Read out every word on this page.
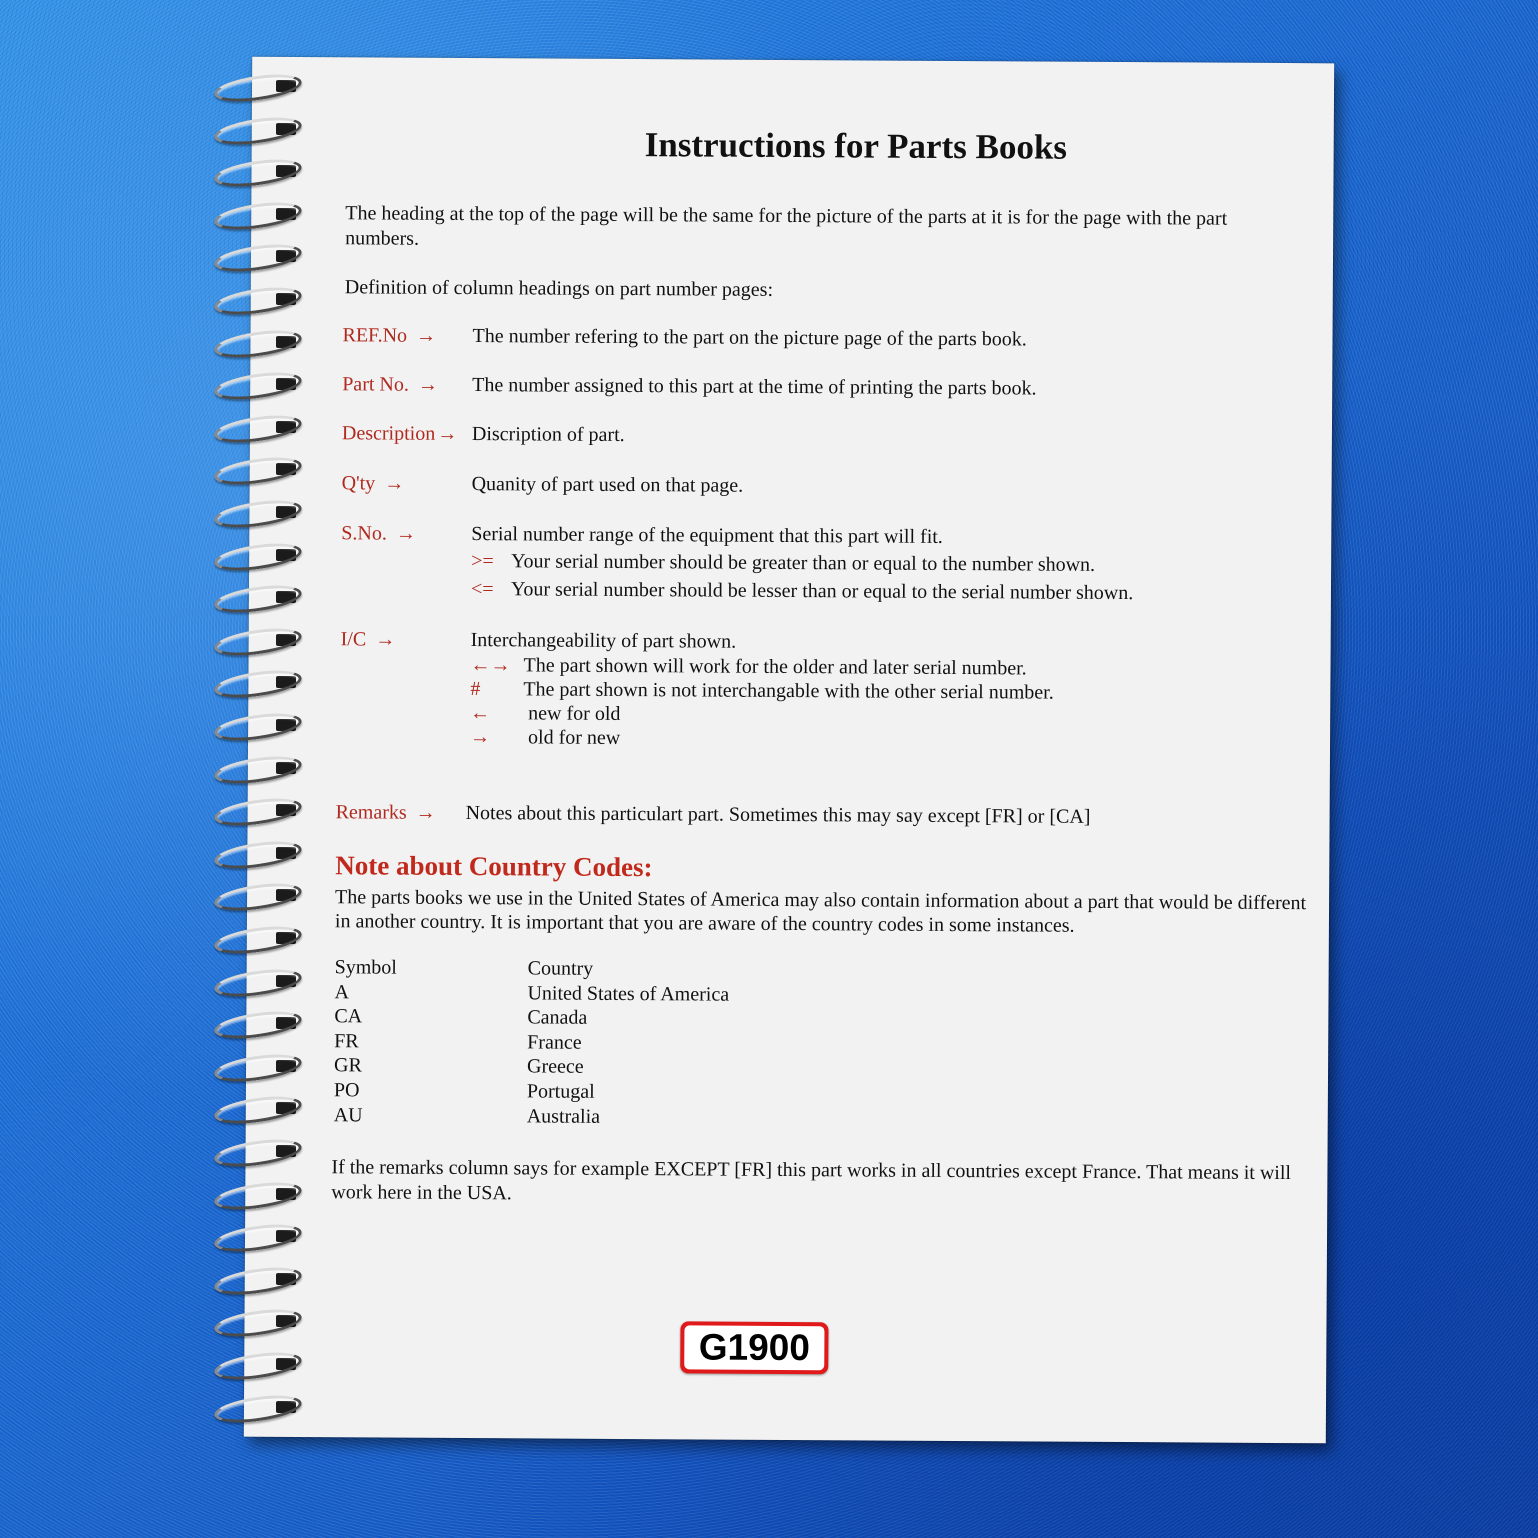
Instructions for Parts Books

The heading at the top of the page will be the same for the picture of the parts at it is for the page with the part numbers.

Definition of column headings on part number pages:

REF.No → The number refering to the part on the picture page of the parts book.
Part No. → The number assigned to this part at the time of printing the parts book.
Description→ Discription of part.
Q'ty →	Quanity of part used on that page.
S.No. →	Serial number range of the equipment that this part will fit.
>= Your serial number should be greater than or equal to the number shown.
<= Your serial number should be lesser than or equal to the serial number shown.
I/C →	Interchangeability of part shown.
←→ The part shown will work for the older and later serial number.
# The part shown is not interchangable with the other serial number.
← new for old
→ old for new
Remarks → Notes about this particulart part. Sometimes this may say except [FR] or [CA]
Note about Country Codes:

The parts books we use in the United States of America may also contain information about a part that would be different in another country. It is important that you are aware of the country codes in some instances.

Symbol	Country
A	United States of America
CA	Canada
FR	France
GR	Greece
PO	Portugal
AU	Australia

If the remarks column says for example EXCEPT [FR] this part works in all countries except France. That means it will work here in the USA.

G1900
